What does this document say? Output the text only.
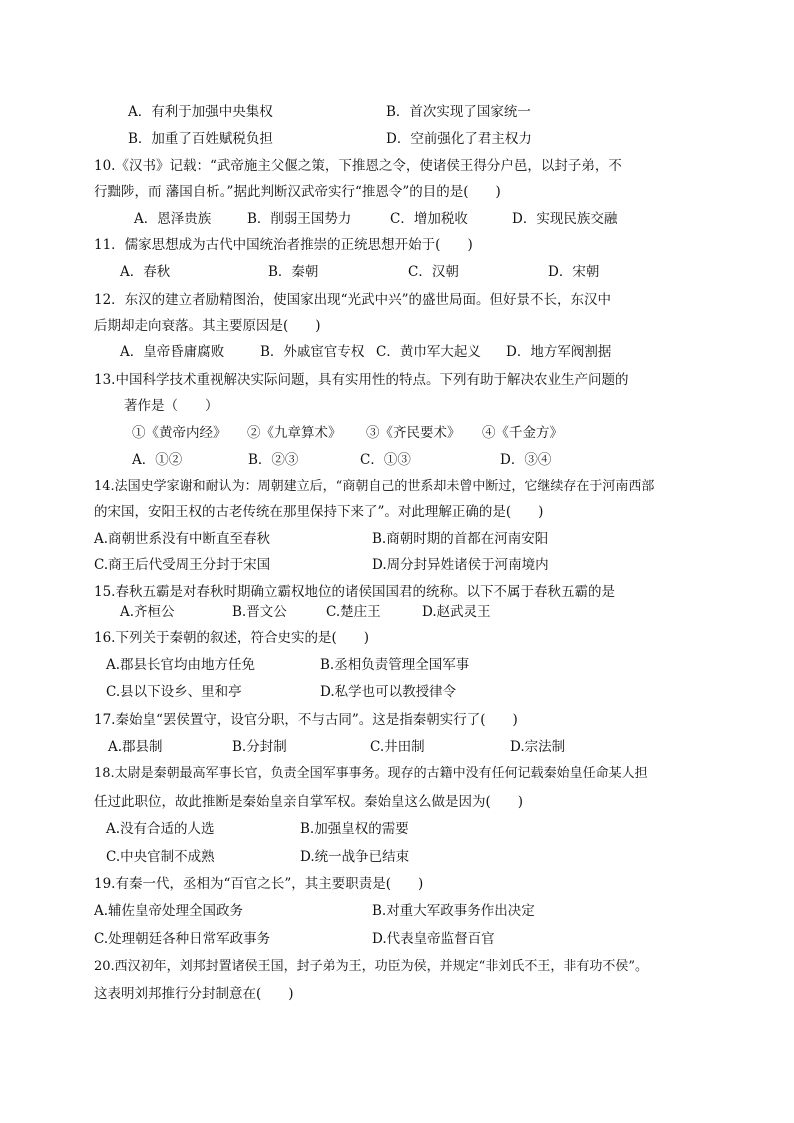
A．有利于加强中央集权	B．首次实现了国家统一
B．加重了百姓赋税负担	D．空前强化了君主权力
10.《汉书》记载：“武帝施主父偃之策，下推恩之令，使诸侯王得分户邑，以封子弟，不
行黜陟，而 藩国自析。”据此判断汉武帝实行“推恩令”的目的是(　　)
A．恩泽贵族	B．削弱王国势力	C．增加税收	D．实现民族交融
11．儒家思想成为古代中国统治者推崇的正统思想开始于(　　)
A．春秋	B．秦朝	C．汉朝	D．宋朝
12．东汉的建立者励精图治，使国家出现“光武中兴”的盛世局面。但好景不长，东汉中
后期却走向衰落。其主要原因是(　　)
A．皇帝昏庸腐败	B．外戚宦官专权 C．黄巾军大起义 D．地方军阀割据
13.中国科学技术重视解决实际问题，具有实用性的特点。下列有助于解决农业生产问题的
著作是（　　）
①《黄帝内经》 ②《九章算术》 ③《齐民要术》 ④《千金方》
A．①②	B．②③	C．①③	D．③④
14.法国史学家谢和耐认为：周朝建立后，“商朝自己的世系却未曾中断过，它继续存在于河南西部
的宋国，安阳王权的古老传统在那里保持下来了”。对此理解正确的是(　　)
A.商朝世系没有中断直至春秋	B.商朝时期的首都在河南安阳
C.商王后代受周王分封于宋国	D.周分封异姓诸侯于河南境内
15.春秋五霸是对春秋时期确立霸权地位的诸侯国国君的统称。以下不属于春秋五霸的是
A.齐桓公	B.晋文公	C.楚庄王	D.赵武灵王
16.下列关于秦朝的叙述，符合史实的是(　　)
A.郡县长官均由地方任免	B.丞相负责管理全国军事
C.县以下设乡、里和亭	D.私学也可以教授律令
17.秦始皇“罢侯置守，设官分职，不与古同”。这是指秦朝实行了(　　)
A.郡县制	B.分封制	C.井田制	D.宗法制
18.太尉是秦朝最高军事长官，负责全国军事事务。现存的古籍中没有任何记载秦始皇任命某人担
任过此职位，故此推断是秦始皇亲自掌军权。秦始皇这么做是因为(　　)
A.没有合适的人选	B.加强皇权的需要
C.中央官制不成熟	D.统一战争已结束
19.有秦一代，丞相为“百官之长”，其主要职责是(　　)
A.辅佐皇帝处理全国政务	B.对重大军政事务作出决定
C.处理朝廷各种日常军政事务	D.代表皇帝监督百官
20.西汉初年，刘邦封置诸侯王国，封子弟为王，功臣为侯，并规定“非刘氏不王，非有功不侯”。
这表明刘邦推行分封制意在(　　)
